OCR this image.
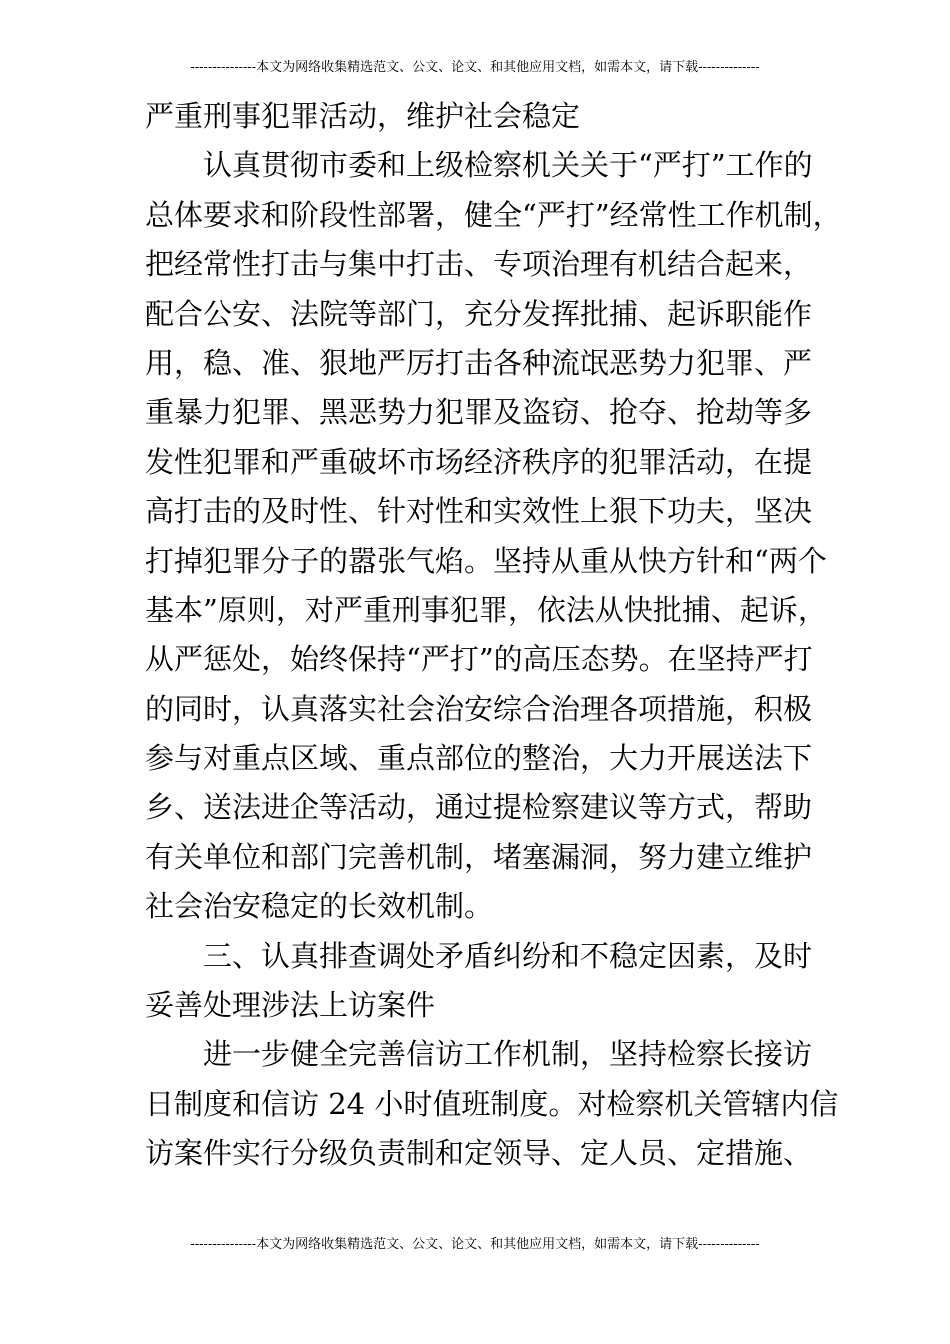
---------------本文为网络收集精选范文、公文、论文、和其他应用文档，如需本文，请下载--------------
严重刑事犯罪活动，维护社会稳定
认真贯彻市委和上级检察机关关于“严打”工作的
总体要求和阶段性部署，健全“严打”经常性工作机制，
把经常性打击与集中打击、专项治理有机结合起来，
配合公安、法院等部门，充分发挥批捕、起诉职能作
用，稳、准、狠地严厉打击各种流氓恶势力犯罪、严
重暴力犯罪、黑恶势力犯罪及盗窃、抢夺、抢劫等多
发性犯罪和严重破坏市场经济秩序的犯罪活动，在提
高打击的及时性、针对性和实效性上狠下功夫，坚决
打掉犯罪分子的嚣张气焰。坚持从重从快方针和“两个
基本”原则，对严重刑事犯罪，依法从快批捕、起诉，
从严惩处，始终保持“严打”的高压态势。在坚持严打
的同时，认真落实社会治安综合治理各项措施，积极
参与对重点区域、重点部位的整治，大力开展送法下
乡、送法进企等活动，通过提检察建议等方式，帮助
有关单位和部门完善机制，堵塞漏洞，努力建立维护
社会治安稳定的长效机制。
三、认真排查调处矛盾纠纷和不稳定因素，及时
妥善处理涉法上访案件
进一步健全完善信访工作机制，坚持检察长接访
日制度和信访 24 小时值班制度。对检察机关管辖内信
访案件实行分级负责制和定领导、定人员、定措施、
---------------本文为网络收集精选范文、公文、论文、和其他应用文档，如需本文，请下载--------------
